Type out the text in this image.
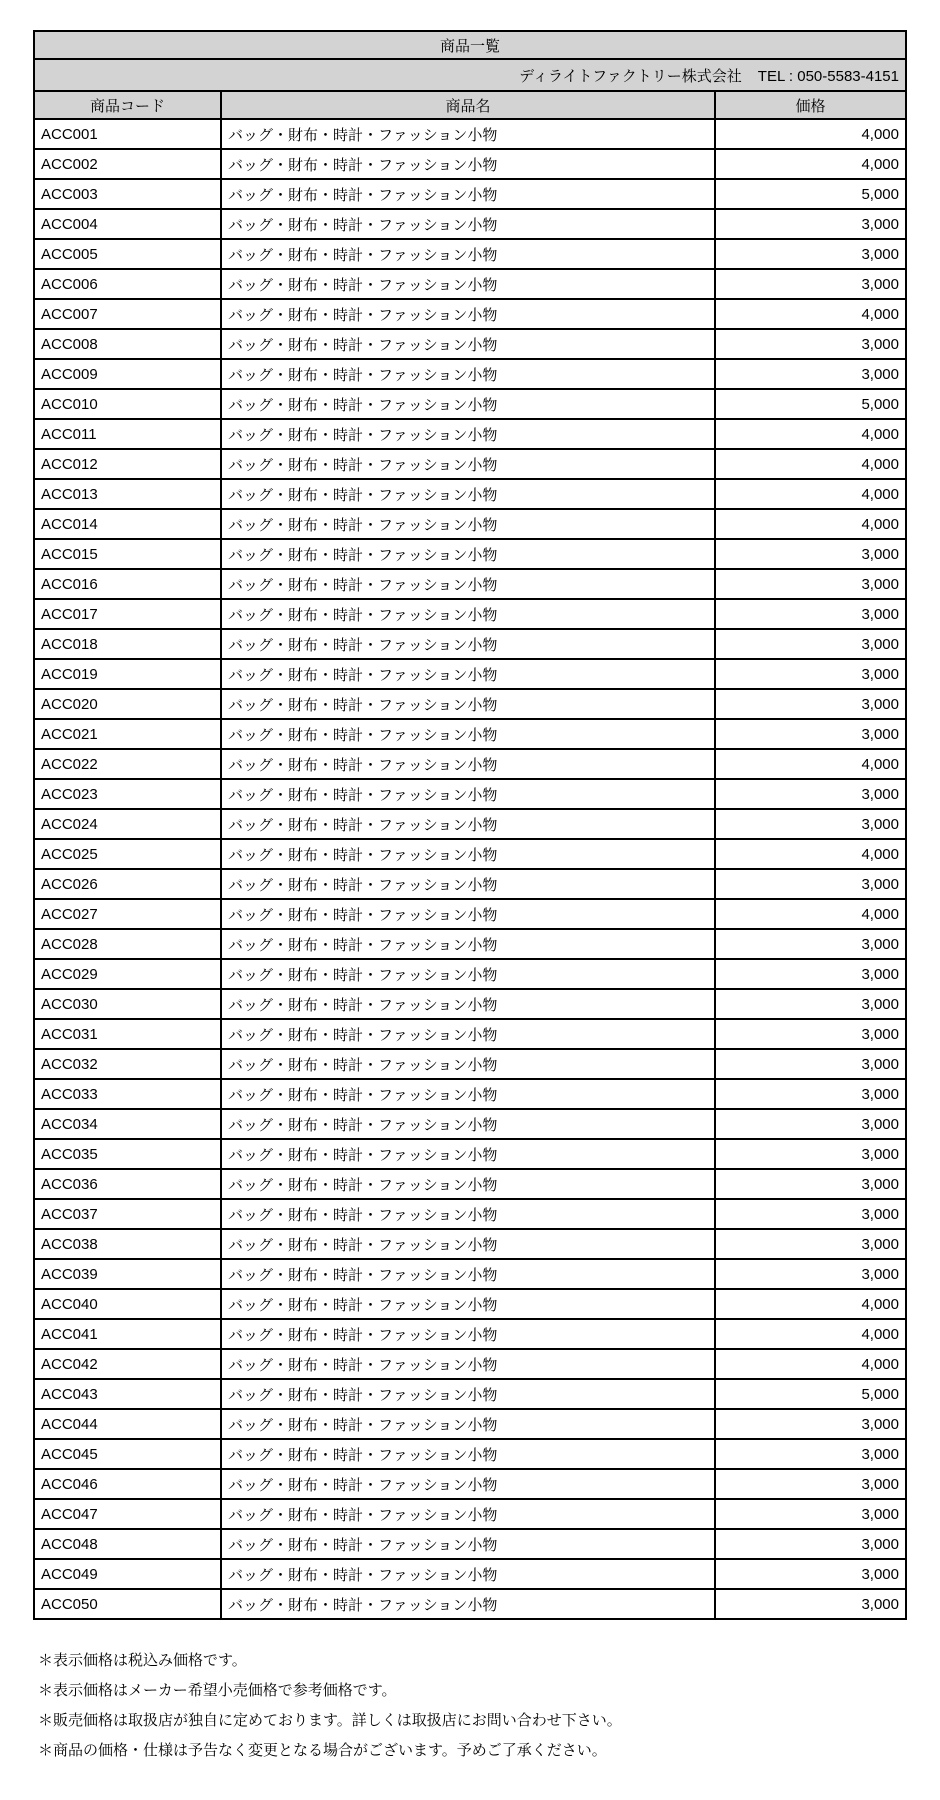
商品一覧		
ディライトファクトリー株式会社 TEL : 050-5583-4151		
商品コード	商品名	価格
ACC001	バッグ・財布・時計・ファッション小物	4,000
ACC002	バッグ・財布・時計・ファッション小物	4,000
ACC003	バッグ・財布・時計・ファッション小物	5,000
ACC004	バッグ・財布・時計・ファッション小物	3,000
ACC005	バッグ・財布・時計・ファッション小物	3,000
ACC006	バッグ・財布・時計・ファッション小物	3,000
ACC007	バッグ・財布・時計・ファッション小物	4,000
ACC008	バッグ・財布・時計・ファッション小物	3,000
ACC009	バッグ・財布・時計・ファッション小物	3,000
ACC010	バッグ・財布・時計・ファッション小物	5,000
ACC011	バッグ・財布・時計・ファッション小物	4,000
ACC012	バッグ・財布・時計・ファッション小物	4,000
ACC013	バッグ・財布・時計・ファッション小物	4,000
ACC014	バッグ・財布・時計・ファッション小物	4,000
ACC015	バッグ・財布・時計・ファッション小物	3,000
ACC016	バッグ・財布・時計・ファッション小物	3,000
ACC017	バッグ・財布・時計・ファッション小物	3,000
ACC018	バッグ・財布・時計・ファッション小物	3,000
ACC019	バッグ・財布・時計・ファッション小物	3,000
ACC020	バッグ・財布・時計・ファッション小物	3,000
ACC021	バッグ・財布・時計・ファッション小物	3,000
ACC022	バッグ・財布・時計・ファッション小物	4,000
ACC023	バッグ・財布・時計・ファッション小物	3,000
ACC024	バッグ・財布・時計・ファッション小物	3,000
ACC025	バッグ・財布・時計・ファッション小物	4,000
ACC026	バッグ・財布・時計・ファッション小物	3,000
ACC027	バッグ・財布・時計・ファッション小物	4,000
ACC028	バッグ・財布・時計・ファッション小物	3,000
ACC029	バッグ・財布・時計・ファッション小物	3,000
ACC030	バッグ・財布・時計・ファッション小物	3,000
ACC031	バッグ・財布・時計・ファッション小物	3,000
ACC032	バッグ・財布・時計・ファッション小物	3,000
ACC033	バッグ・財布・時計・ファッション小物	3,000
ACC034	バッグ・財布・時計・ファッション小物	3,000
ACC035	バッグ・財布・時計・ファッション小物	3,000
ACC036	バッグ・財布・時計・ファッション小物	3,000
ACC037	バッグ・財布・時計・ファッション小物	3,000
ACC038	バッグ・財布・時計・ファッション小物	3,000
ACC039	バッグ・財布・時計・ファッション小物	3,000
ACC040	バッグ・財布・時計・ファッション小物	4,000
ACC041	バッグ・財布・時計・ファッション小物	4,000
ACC042	バッグ・財布・時計・ファッション小物	4,000
ACC043	バッグ・財布・時計・ファッション小物	5,000
ACC044	バッグ・財布・時計・ファッション小物	3,000
ACC045	バッグ・財布・時計・ファッション小物	3,000
ACC046	バッグ・財布・時計・ファッション小物	3,000
ACC047	バッグ・財布・時計・ファッション小物	3,000
ACC048	バッグ・財布・時計・ファッション小物	3,000
ACC049	バッグ・財布・時計・ファッション小物	3,000
ACC050	バッグ・財布・時計・ファッション小物	3,000

＊表示価格は税込み価格です。

＊表示価格はメーカー希望小売価格で参考価格です。

＊販売価格は取扱店が独自に定めております。詳しくは取扱店にお問い合わせ下さい。

＊商品の価格・仕様は予告なく変更となる場合がございます。予めご了承ください。
